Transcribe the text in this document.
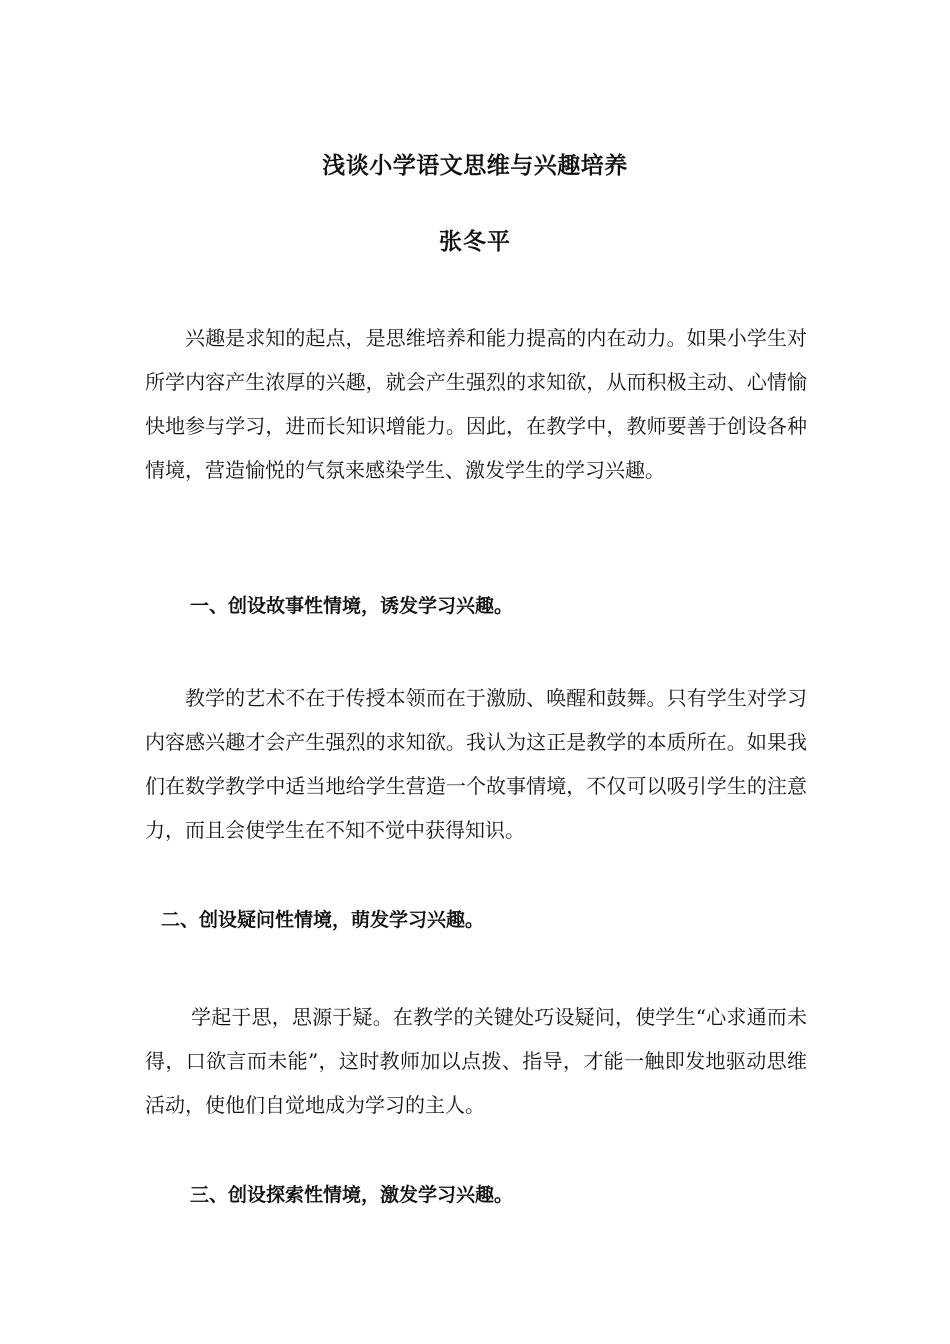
浅谈小学语文思维与兴趣培养
张冬平

兴趣是求知的起点，是思维培养和能力提高的内在动力。如果小学生对所学内容产生浓厚的兴趣，就会产生强烈的求知欲，从而积极主动、心情愉快地参与学习，进而长知识增能力。因此，在教学中，教师要善于创设各种情境，营造愉悦的气氛来感染学生、激发学生的学习兴趣。

一、创设故事性情境，诱发学习兴趣。

教学的艺术不在于传授本领而在于激励、唤醒和鼓舞。只有学生对学习内容感兴趣才会产生强烈的求知欲。我认为这正是教学的本质所在。如果我们在数学教学中适当地给学生营造一个故事情境，不仅可以吸引学生的注意力，而且会使学生在不知不觉中获得知识。

二、创设疑问性情境，萌发学习兴趣。

学起于思，思源于疑。在教学的关键处巧设疑问，使学生“心求通而未得，口欲言而未能”，这时教师加以点拨、指导，才能一触即发地驱动思维活动，使他们自觉地成为学习的主人。

三、创设探索性情境，激发学习兴趣。
